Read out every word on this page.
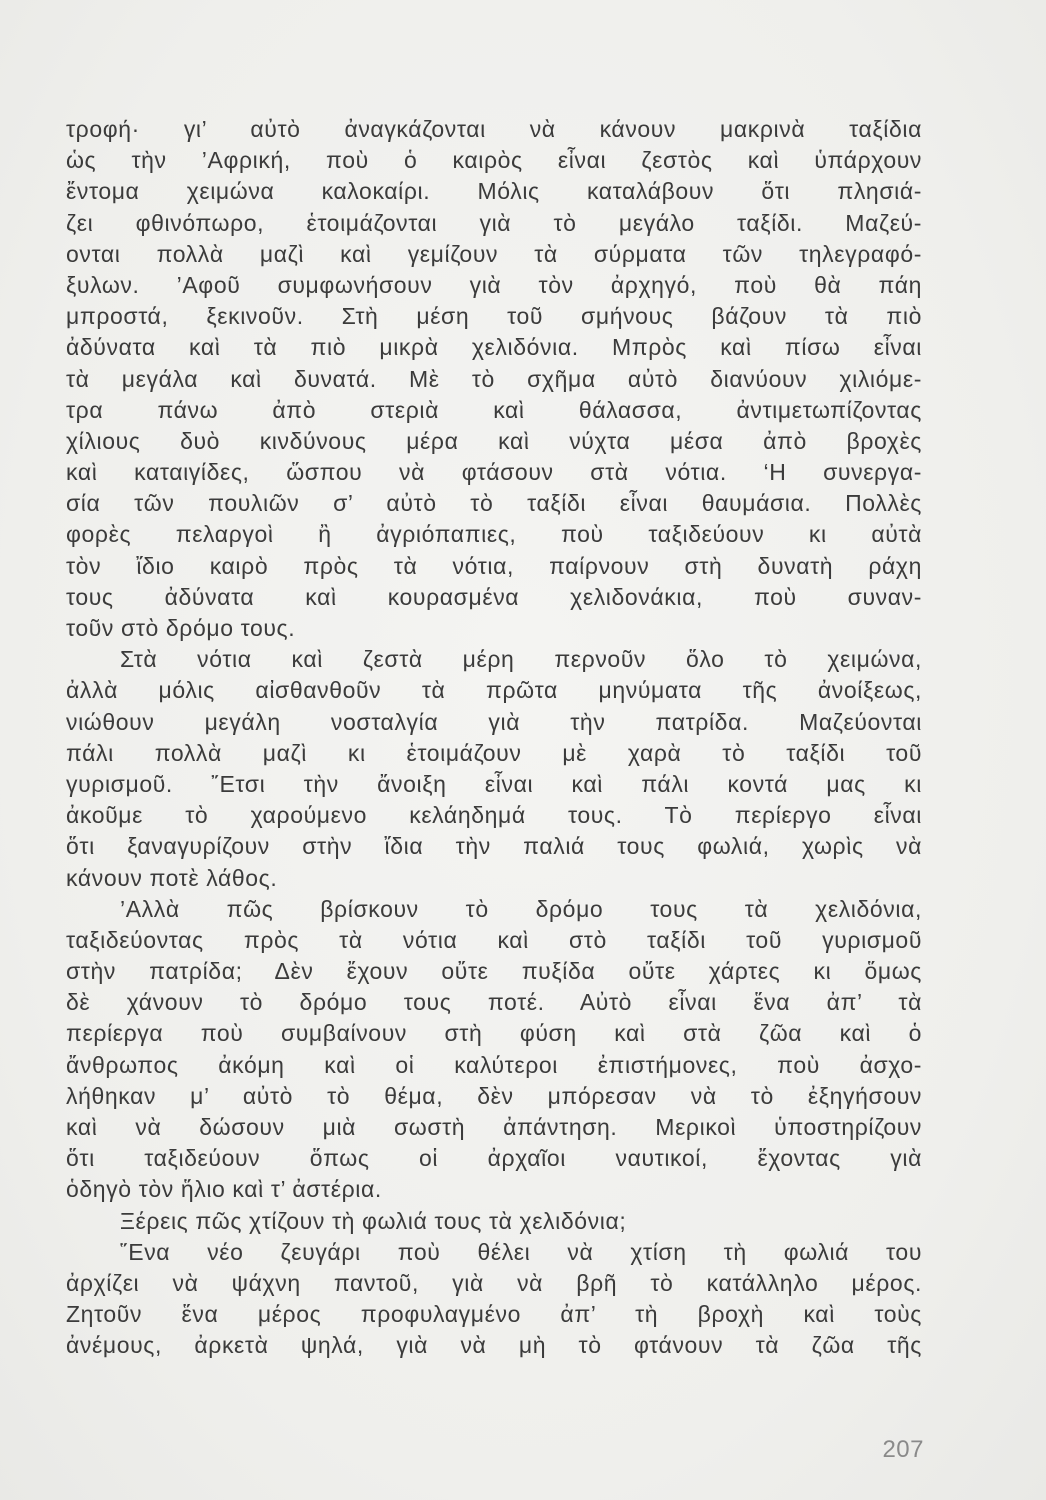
τροφή· γι’ αὐτὸ ἀναγκάζονται νὰ κάνουν μακρινὰ ταξίδια
ὡς τὴν ’Αφρική, ποὺ ὁ καιρὸς εἶναι ζεστὸς καὶ ὑπάρχουν
ἔντομα χειμώνα καλοκαίρι. Μόλις καταλάβουν ὅτι πλησιά-
ζει φθινόπωρο, ἑτοιμάζονται γιὰ τὸ μεγάλο ταξίδι. Μαζεύ-
ονται πολλὰ μαζὶ καὶ γεμίζουν τὰ σύρματα τῶν τηλεγραφό-
ξυλων. ’Αφοῦ συμφωνήσουν γιὰ τὸν ἀρχηγό, ποὺ θὰ πάη
μπροστά, ξεκινοῦν. Στὴ μέση τοῦ σμήνους βάζουν τὰ πιὸ
ἀδύνατα καὶ τὰ πιὸ μικρὰ χελιδόνια. Μπρὸς καὶ πίσω εἶναι
τὰ μεγάλα καὶ δυνατά. Μὲ τὸ σχῆμα αὐτὸ διανύουν χιλιόμε-
τρα πάνω ἀπὸ στεριὰ καὶ θάλασσα, ἀντιμετωπίζοντας
χίλιους δυὸ κινδύνους μέρα καὶ νύχτα μέσα ἀπὸ βροχὲς
καὶ καταιγίδες, ὥσπου νὰ φτάσουν στὰ νότια. ‘Η συνεργα-
σία τῶν πουλιῶν σ’ αὐτὸ τὸ ταξίδι εἶναι θαυμάσια. Πολλὲς
φορὲς πελαργοὶ ἢ ἀγριόπαπιες, ποὺ ταξιδεύουν κι αὐτὰ
τὸν ἴδιο καιρὸ πρὸς τὰ νότια, παίρνουν στὴ δυνατὴ ράχη
τους ἀδύνατα καὶ κουρασμένα χελιδονάκια, ποὺ συναν-
τοῦν στὸ δρόμο τους.
Στὰ νότια καὶ ζεστὰ μέρη περνοῦν ὅλο τὸ χειμώνα,
ἀλλὰ μόλις αἰσθανθοῦν τὰ πρῶτα μηνύματα τῆς ἀνοίξεως,
νιώθουν μεγάλη νοσταλγία γιὰ τὴν πατρίδα. Μαζεύονται
πάλι πολλὰ μαζὶ κι ἑτοιμάζουν μὲ χαρὰ τὸ ταξίδι τοῦ
γυρισμοῦ. ῎Ετσι τὴν ἄνοιξη εἶναι καὶ πάλι κοντά μας κι
ἀκοῦμε τὸ χαρούμενο κελάηδημά τους. Τὸ περίεργο εἶναι
ὅτι ξαναγυρίζουν στὴν ἴδια τὴν παλιά τους φωλιά, χωρὶς νὰ
κάνουν ποτὲ λάθος.
’Αλλὰ πῶς βρίσκουν τὸ δρόμο τους τὰ χελιδόνια,
ταξιδεύοντας πρὸς τὰ νότια καὶ στὸ ταξίδι τοῦ γυρισμοῦ
στὴν πατρίδα; Δὲν ἔχουν οὔτε πυξίδα οὔτε χάρτες κι ὅμως
δὲ χάνουν τὸ δρόμο τους ποτέ. Αὐτὸ εἶναι ἕνα ἀπ’ τὰ
περίεργα ποὺ συμβαίνουν στὴ φύση καὶ στὰ ζῶα καὶ ὁ
ἄνθρωπος ἀκόμη καὶ οἱ καλύτεροι ἐπιστήμονες, ποὺ ἀσχο-
λήθηκαν μ’ αὐτὸ τὸ θέμα, δὲν μπόρεσαν νὰ τὸ ἐξηγήσουν
καὶ νὰ δώσουν μιὰ σωστὴ ἀπάντηση. Μερικοὶ ὑποστηρίζουν
ὅτι ταξιδεύουν ὅπως οἱ ἀρχαῖοι ναυτικοί, ἔχοντας γιὰ
ὁδηγὸ τὸν ἥλιο καὶ τ’ ἀστέρια.
Ξέρεις πῶς χτίζουν τὴ φωλιά τους τὰ χελιδόνια;
῞Ενα νέο ζευγάρι ποὺ θέλει νὰ χτίση τὴ φωλιά του
ἀρχίζει νὰ ψάχνη παντοῦ, γιὰ νὰ βρῆ τὸ κατάλληλο μέρος.
Ζητοῦν ἕνα μέρος προφυλαγμένο ἀπ’ τὴ βροχὴ καὶ τοὺς
ἀνέμους, ἀρκετὰ ψηλά, γιὰ νὰ μὴ τὸ φτάνουν τὰ ζῶα τῆς
207
